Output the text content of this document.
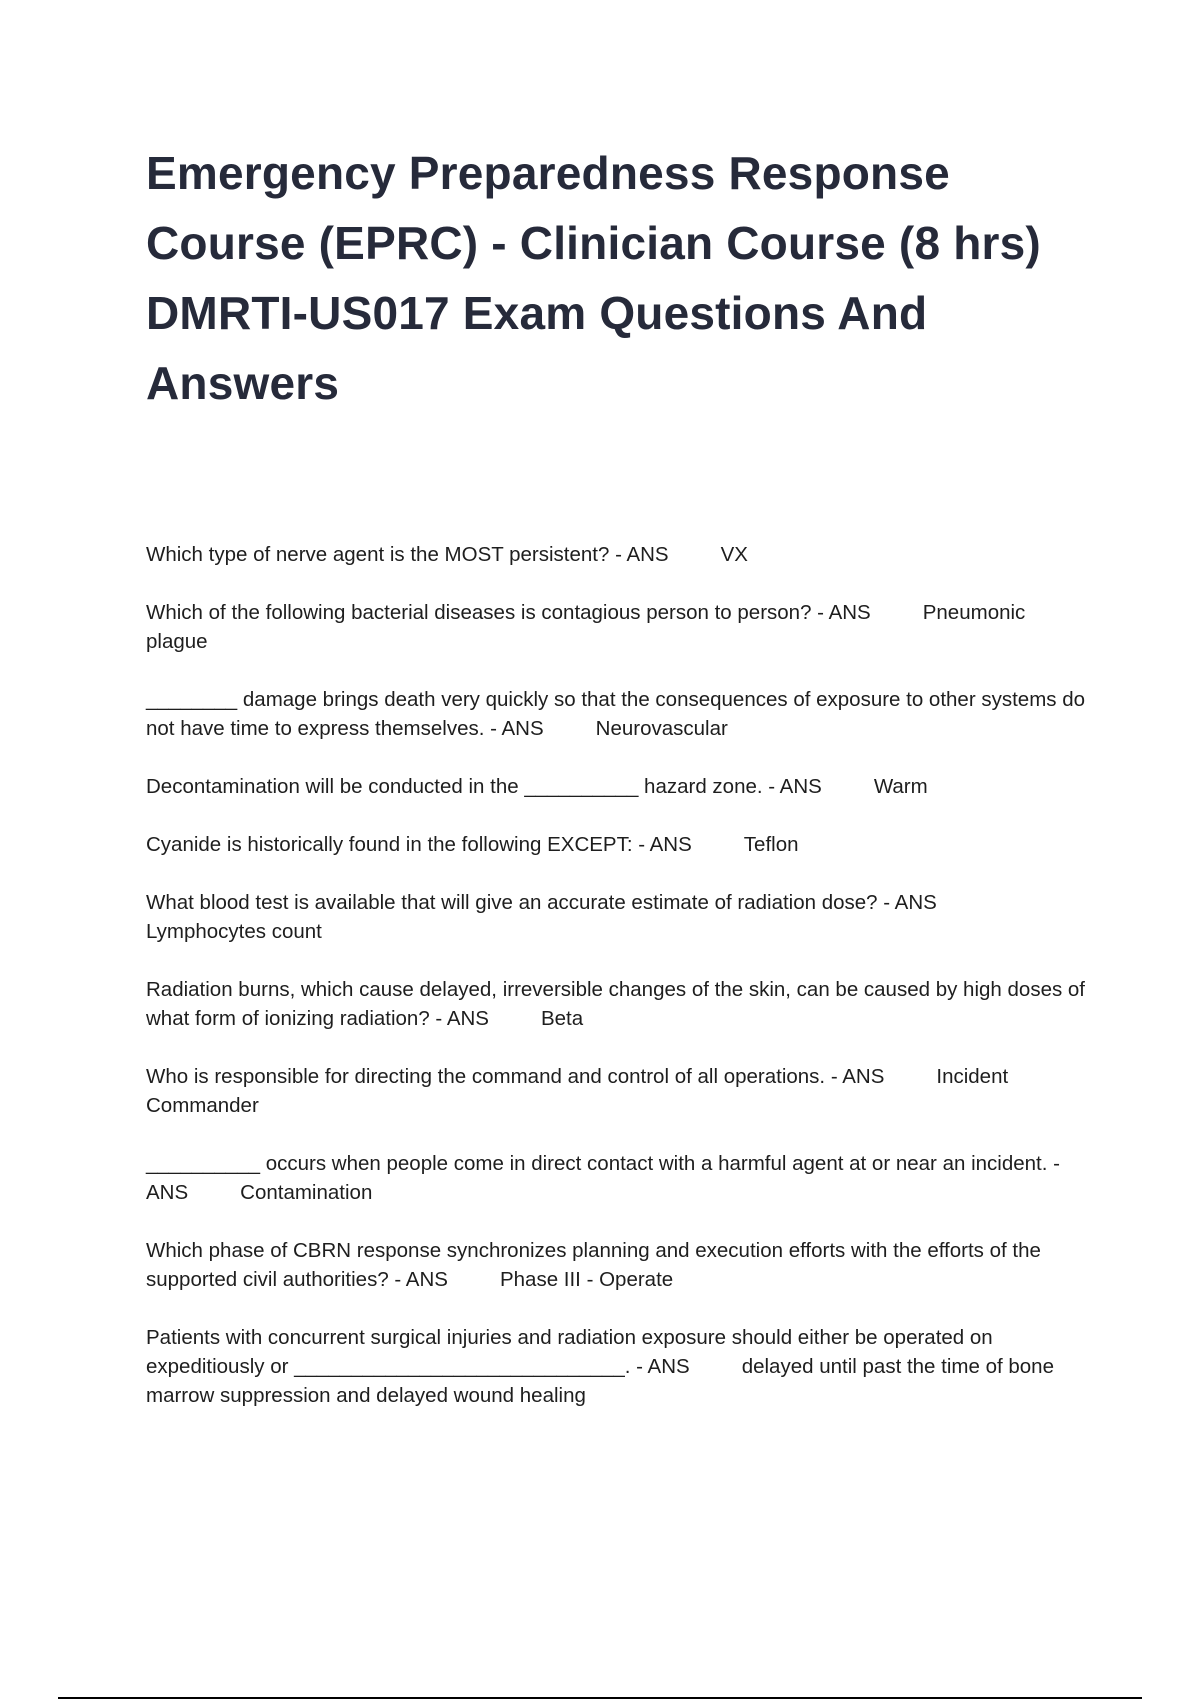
Emergency Preparedness Response Course (EPRC) - Clinician Course (8 hrs) DMRTI-US017 Exam Questions And Answers

Which type of nerve agent is the MOST persistent? - ANS	VX

Which of the following bacterial diseases is contagious person to person? - ANS	Pneumonic plague

________ damage brings death very quickly so that the consequences of exposure to other systems do not have time to express themselves. - ANS	Neurovascular

Decontamination will be conducted in the __________ hazard zone. - ANS	Warm

Cyanide is historically found in the following EXCEPT: - ANS	Teflon

What blood test is available that will give an accurate estimate of radiation dose? - ANSLymphocytes count

Radiation burns, which cause delayed, irreversible changes of the skin, can be caused by high doses of what form of ionizing radiation? - ANS	Beta

Who is responsible for directing the command and control of all operations. - ANS	Incident Commander

__________ occurs when people come in direct contact with a harmful agent at or near an incident. - ANS	Contamination

Which phase of CBRN response synchronizes planning and execution efforts with the efforts of the supported civil authorities? - ANS	Phase III - Operate

Patients with concurrent surgical injuries and radiation exposure should either be operated on expeditiously or _____________________________. - ANS	delayed until past the time of bone marrow suppression and delayed wound healing
